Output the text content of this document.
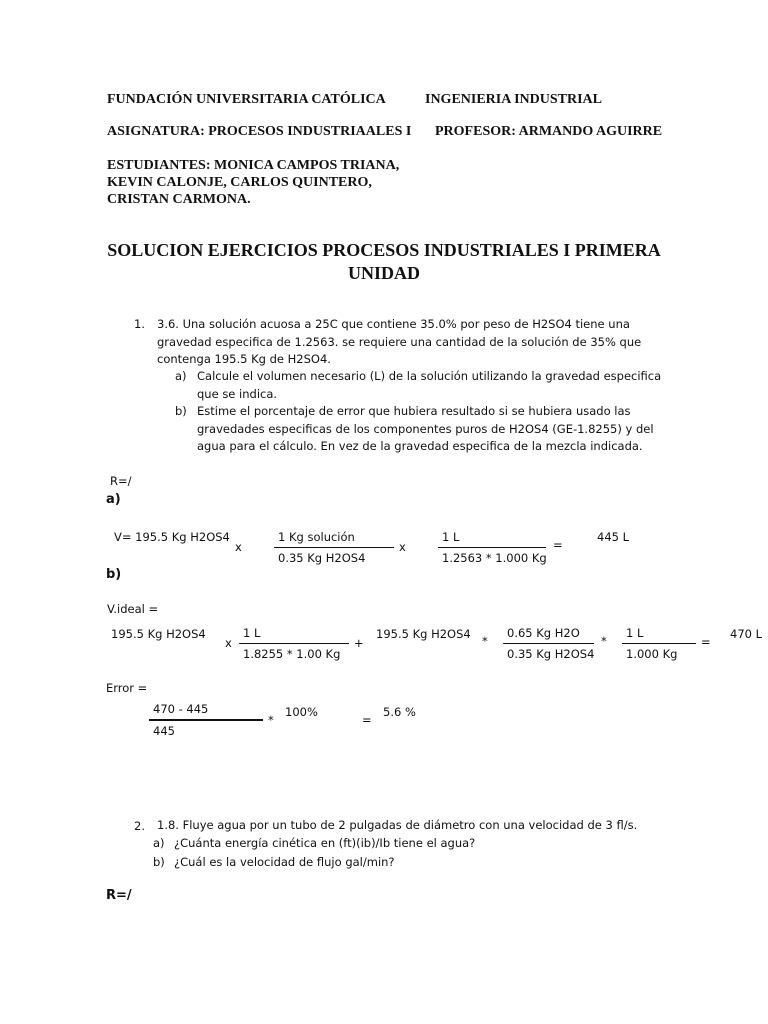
FUNDACIÓN UNIVERSITARIA CATÓLICA	INGENIERIA INDUSTRIAL
ASIGNATURA: PROCESOS INDUSTRIAALES I PROFESOR: ARMANDO AGUIRRE
ESTUDIANTES: MONICA CAMPOS TRIANA,
KEVIN CALONJE, CARLOS QUINTERO,
CRISTAN CARMONA.
SOLUCION EJERCICIOS PROCESOS INDUSTRIALES I PRIMERA
UNIDAD
1. 3.6. Una solución acuosa a 25C que contiene 35.0% por peso de H2SO4 tiene una
gravedad especifica de 1.2563. se requiere una cantidad de la solución de 35% que
contenga 195.5 Kg de H2SO4.
a) Calcule el volumen necesario (L) de la solución utilizando la gravedad especifica
que se indica.
b) Estime el porcentaje de error que hubiera resultado si se hubiera usado las
gravedades especificas de los componentes puros de H2OS4 (GE-1.8255) y del
agua para el cálculo. En vez de la gravedad especifica de la mezcla indicada.
R=/
a)
V= 195.5 Kg H2OS4
x
1 Kg solución
0.35 Kg H2OS4
x
1 L
1.2563 * 1.000 Kg
=
445 L
b)
V.ideal =
195.5 Kg H2OS4
x
1 L
1.8255 * 1.00 Kg
+
195.5 Kg H2OS4 *
0.65 Kg H2O
0.35 Kg H2OS4
*
1 L
1.000 Kg
=
470 L
Error =
470 - 445
445
*
100%
=
5.6 %
2. 1.8. Fluye agua por un tubo de 2 pulgadas de diámetro con una velocidad de 3 fl/s.
a) ¿Cuánta energía cinética en (ft)(ib)/Ib tiene el agua?
b) ¿Cuál es la velocidad de flujo gal/min?
R=/
